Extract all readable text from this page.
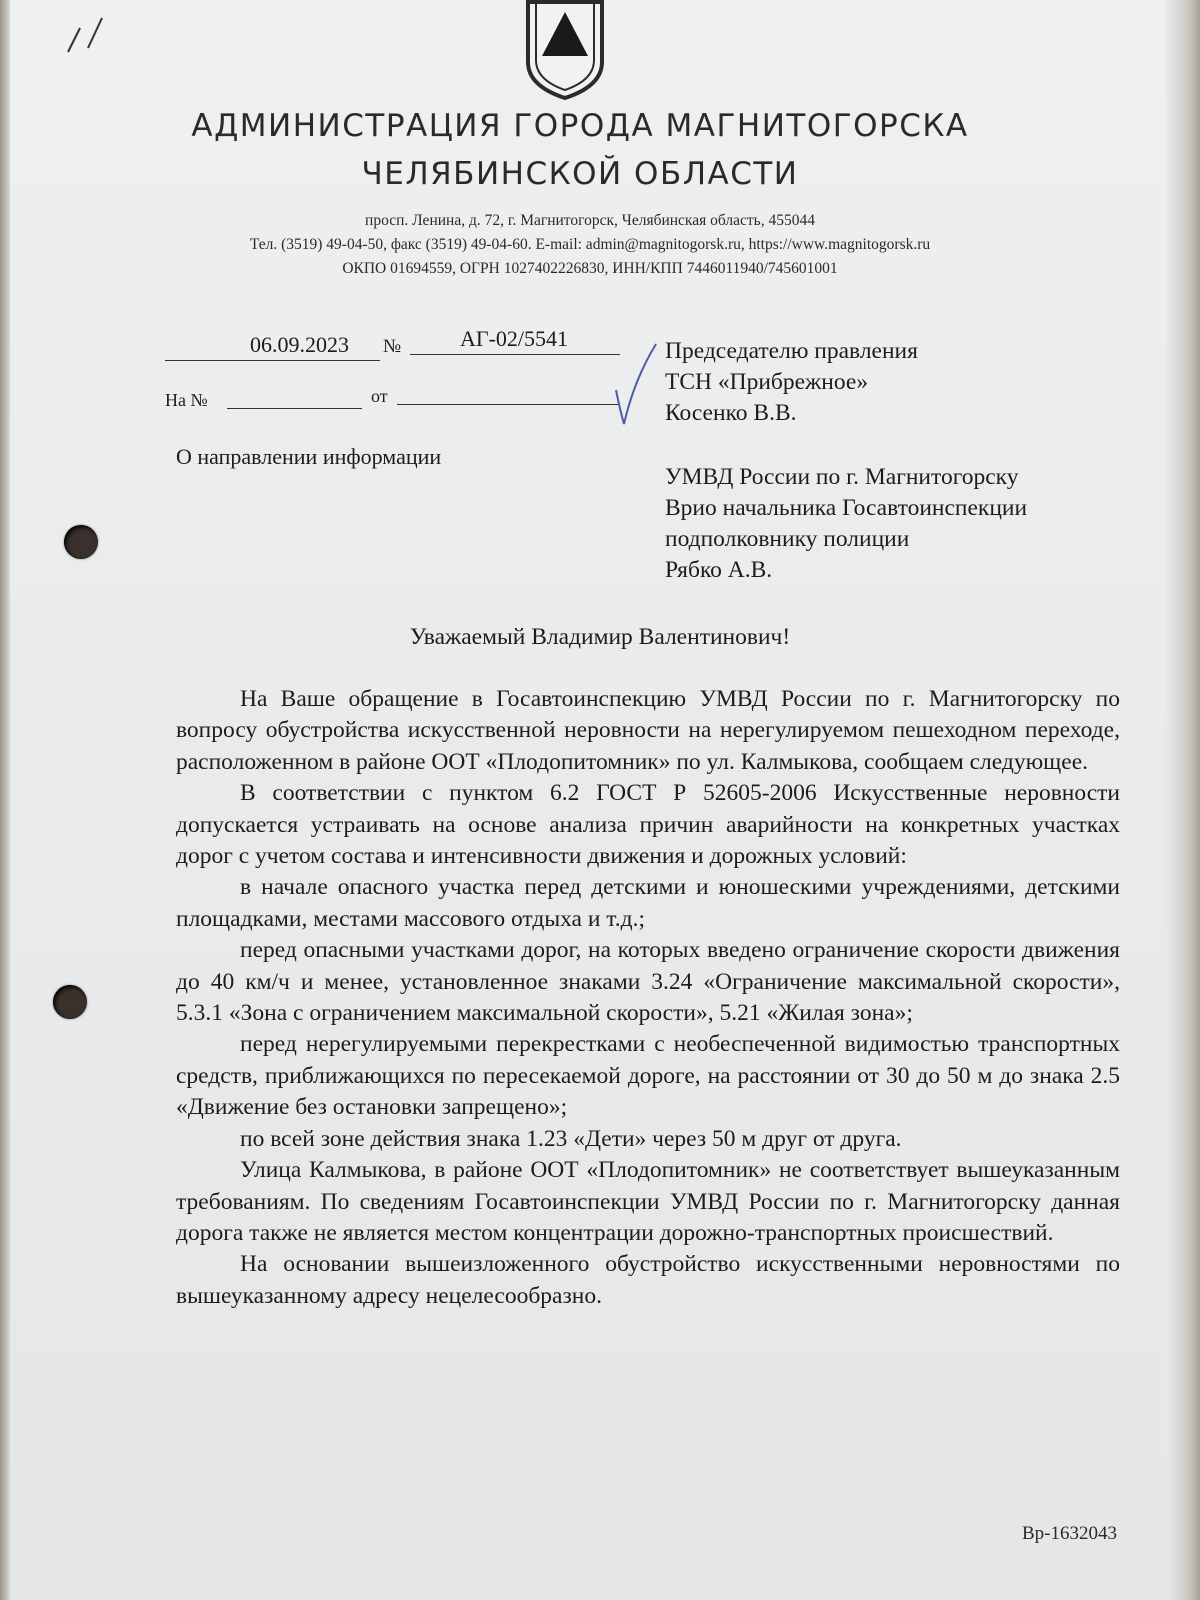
АДМИНИСТРАЦИЯ ГОРОДА МАГНИТОГОРСКА
ЧЕЛЯБИНСКОЙ ОБЛАСТИ
просп. Ленина, д. 72, г. Магнитогорск, Челябинская область, 455044
Тел. (3519) 49-04-50, факс (3519) 49-04-60. E-mail: admin@magnitogorsk.ru, https://www.magnitogorsk.ru
ОКПО 01694559, ОГРН 1027402226830, ИНН/КПП 7446011940/745601001
06.09.2023 №	АГ-02/5541
На №	от
О направлении информации
Председателю правления
ТСН «Прибрежное»
Косенко В.В.
УМВД России по г. Магнитогорску
Врио начальника Госавтоинспекции
подполковнику полиции
Рябко А.В.
Уважаемый Владимир Валентинович!

На Ваше обращение в Госавтоинспекцию УМВД России по г. Магнитогорску по вопросу обустройства искусственной неровности на нерегулируемом пешеходном переходе, расположенном в районе ООТ «Плодопитомник» по ул. Калмыкова, сообщаем следующее.

В соответствии с пунктом 6.2 ГОСТ Р 52605-2006 Искусственные неровности допускается устраивать на основе анализа причин аварийности на конкретных участках дорог с учетом состава и интенсивности движения и дорожных условий:

в начале опасного участка перед детскими и юношескими учреждениями, детскими площадками, местами массового отдыха и т.д.;

перед опасными участками дорог, на которых введено ограничение скорости движения до 40 км/ч и менее, установленное знаками 3.24 «Ограничение максимальной скорости», 5.3.1 «Зона с ограничением максимальной скорости», 5.21 «Жилая зона»;

перед нерегулируемыми перекрестками с необеспеченной видимостью транспортных средств, приближающихся по пересекаемой дороге, на расстоянии от 30 до 50 м до знака 2.5 «Движение без остановки запрещено»;

по всей зоне действия знака 1.23 «Дети» через 50 м друг от друга.

Улица Калмыкова, в районе ООТ «Плодопитомник» не соответствует вышеуказанным требованиям. По сведениям Госавтоинспекции УМВД России по г. Магнитогорску данная дорога также не является местом концентрации дорожно-транспортных происшествий.

На основании вышеизложенного обустройство искусственными неровностями по вышеуказанному адресу нецелесообразно.

Вр-1632043
